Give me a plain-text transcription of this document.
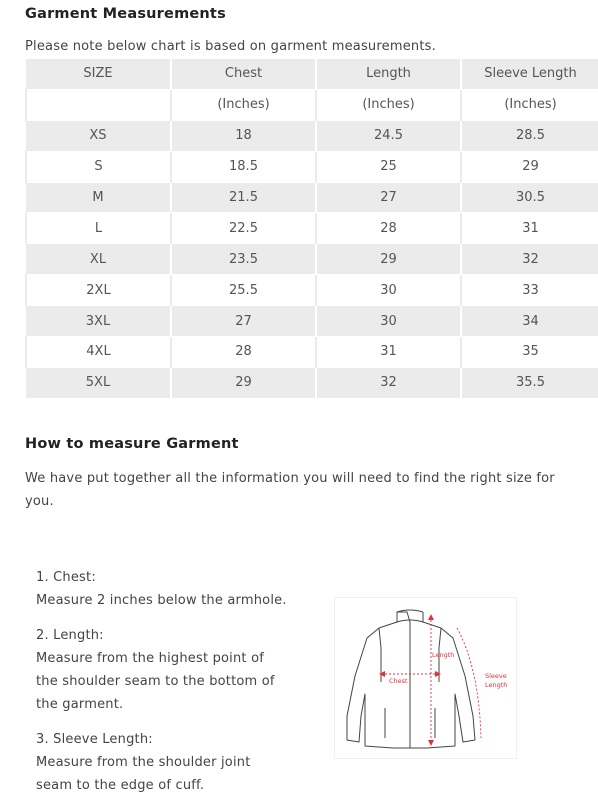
Garment Measurements
Please note below chart is based on garment measurements.
SIZE	Chest	Length	Sleeve Length
	(Inches)	(Inches)	(Inches)
XS	18	24.5	28.5
S	18.5	25	29
M	21.5	27	30.5
L	22.5	28	31
XL	23.5	29	32
2XL	25.5	30	33
3XL	27	30	34
4XL	28	31	35
5XL	29	32	35.5
How to measure Garment
We have put together all the information you will need to find the right size for
you.
1. Chest:
Measure 2 inches below the armhole.
2. Length:
Measure from the highest point of
the shoulder seam to the bottom of
the garment.
3. Sleeve Length:
Measure from the shoulder joint
seam to the edge of cuff.
Length
Chest
Sleeve
Length
